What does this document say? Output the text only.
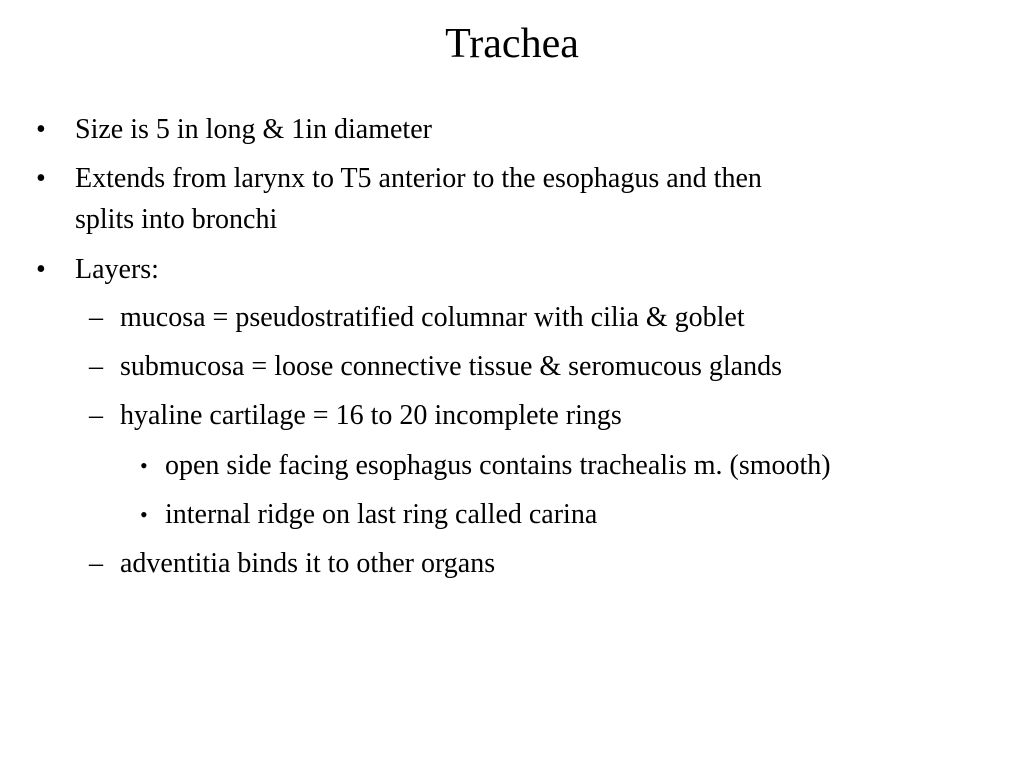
Trachea
• Size is 5 in long & 1in diameter
• Extends from larynx to T5 anterior to the esophagus and then
splits into bronchi
• Layers:
– mucosa = pseudostratified columnar with cilia & goblet
– submucosa = loose connective tissue & seromucous glands
– hyaline cartilage = 16 to 20 incomplete rings
• open side facing esophagus contains trachealis m. (smooth)
• internal ridge on last ring called carina
– adventitia binds it to other organs
